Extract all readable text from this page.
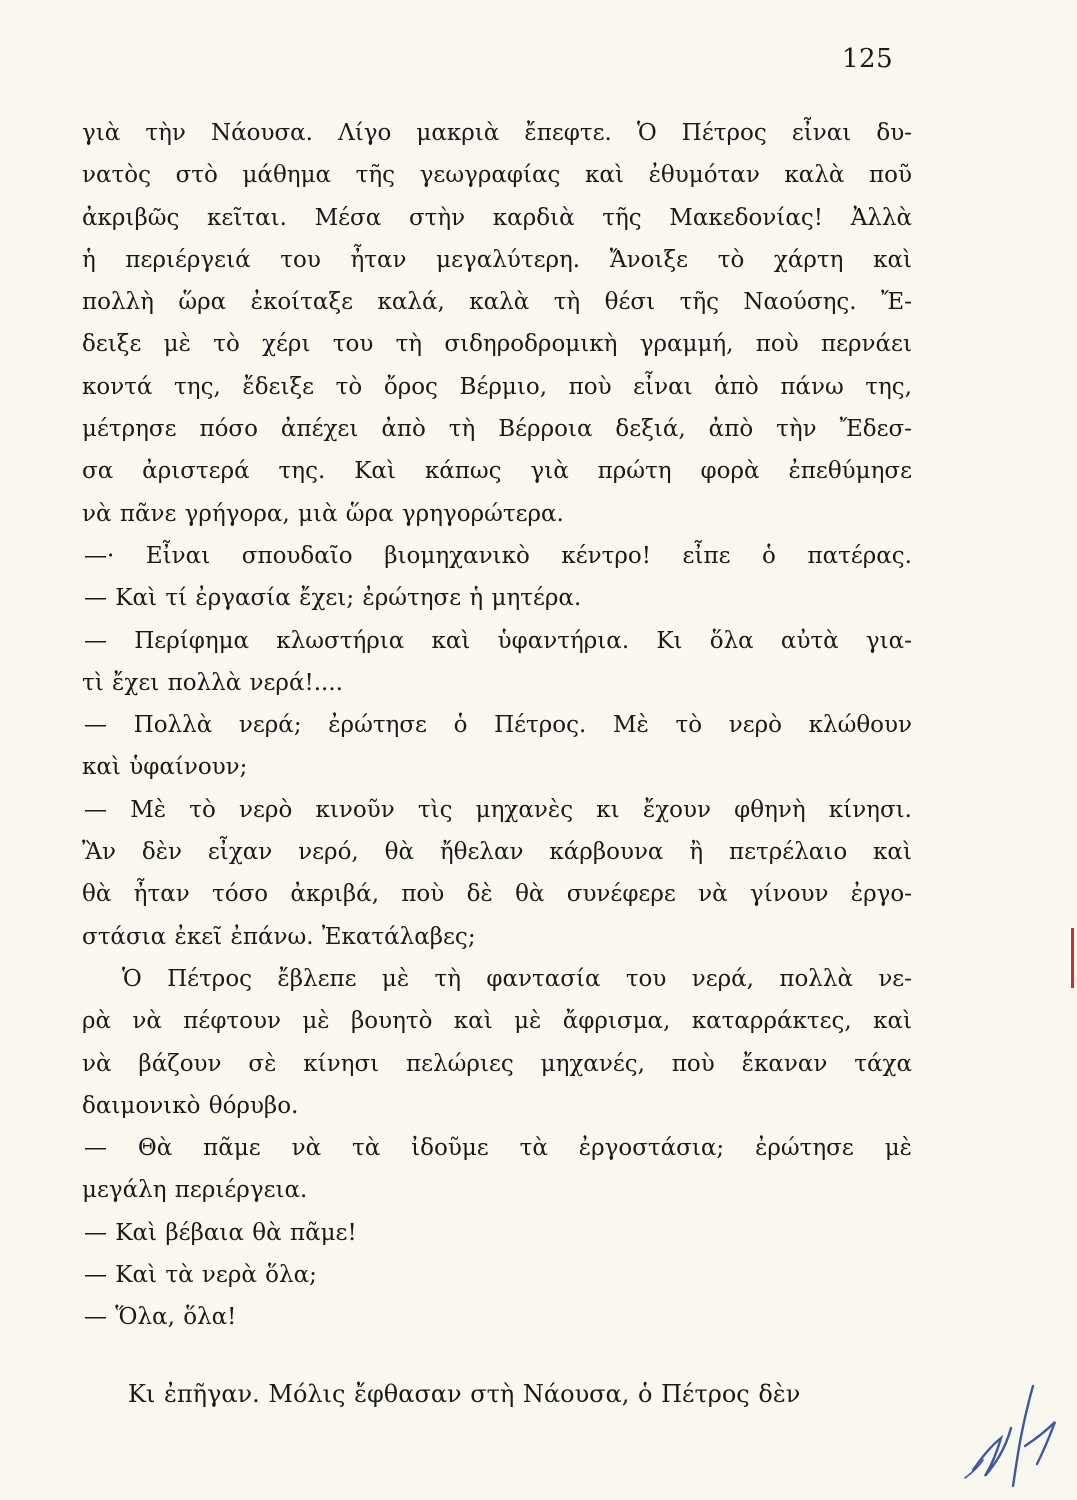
125
γιὰ τὴν Νάουσα. Λίγο μακριὰ ἔπεφτε. Ὁ Πέτρος εἶναι δυ-
νατὸς στὸ μάθημα τῆς γεωγραφίας καὶ ἐθυμόταν καλὰ ποῦ
ἀκριβῶς κεῖται. Μέσα στὴν καρδιὰ τῆς Μακεδονίας! Ἀλλὰ
ἡ περιέργειά του ἦταν μεγαλύτερη. Ἄνοιξε τὸ χάρτη καὶ
πολλὴ ὥρα ἐκοίταξε καλά, καλὰ τὴ θέσι τῆς Ναούσης. Ἔ-
δειξε μὲ τὸ χέρι του τὴ σιδηροδρομικὴ γραμμή, ποὺ περνάει
κοντά της, ἔδειξε τὸ ὄρος Βέρμιο, ποὺ εἶναι ἀπὸ πάνω της,
μέτρησε πόσο ἀπέχει ἀπὸ τὴ Βέρροια δεξιά, ἀπὸ τὴν Ἔδεσ-
σα ἀριστερά της. Καὶ κάπως γιὰ πρώτη φορὰ ἐπεθύμησε
νὰ πᾶνε γρήγορα, μιὰ ὥρα γρηγορώτερα.
—· Εἶναι σπουδαῖο βιομηχανικὸ κέντρο! εἶπε ὁ πατέρας.
— Καὶ τί ἐργασία ἔχει; ἐρώτησε ἡ μητέρα.
— Περίφημα κλωστήρια καὶ ὑφαντήρια. Κι ὅλα αὐτὰ για-
τὶ ἔχει πολλὰ νερά!....
— Πολλὰ νερά; ἐρώτησε ὁ Πέτρος. Μὲ τὸ νερὸ κλώθουν
καὶ ὑφαίνουν;
— Μὲ τὸ νερὸ κινοῦν τὶς μηχανὲς κι ἔχουν φθηνὴ κίνησι.
Ἂν δὲν εἶχαν νερό, θὰ ἤθελαν κάρβουνα ἢ πετρέλαιο καὶ
θὰ ἦταν τόσο ἀκριβά, ποὺ δὲ θὰ συνέφερε νὰ γίνουν ἐργο-
στάσια ἐκεῖ ἐπάνω. Ἐκατάλαβες;
Ὁ Πέτρος ἔβλεπε μὲ τὴ φαντασία του νερά, πολλὰ νε-
ρὰ νὰ πέφτουν μὲ βουητὸ καὶ μὲ ἄφρισμα, καταρράκτες, καὶ
νὰ βάζουν σὲ κίνησι πελώριες μηχανές, ποὺ ἔκαναν τάχα
δαιμονικὸ θόρυβο.
— Θὰ πᾶμε νὰ τὰ ἰδοῦμε τὰ ἐργοστάσια; ἐρώτησε μὲ
μεγάλη περιέργεια.
— Καὶ βέβαια θὰ πᾶμε!
— Καὶ τὰ νερὰ ὅλα;
— Ὅλα, ὅλα!
Κι ἐπῆγαν. Μόλις ἔφθασαν στὴ Νάουσα, ὁ Πέτρος δὲν
